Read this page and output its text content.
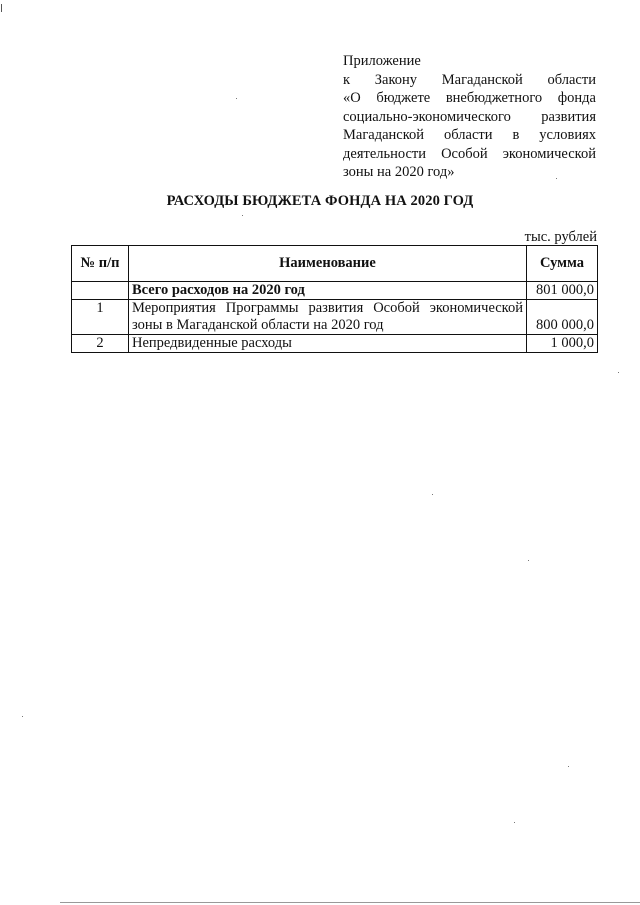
Приложение
к Закону Магаданской области
«О бюджете внебюджетного фонда
социально-экономического развития
Магаданской области в условиях
деятельности Особой экономической
зоны на 2020 год»
РАСХОДЫ БЮДЖЕТА ФОНДА НА 2020 ГОД
тыс. рублей
№ п/п	Наименование	Сумма
	Всего расходов на 2020 год	801 000,0
1	Мероприятия Программы развития Особой экономической зоны в Магаданской области на 2020 год	800 000,0
2	Непредвиденные расходы	1 000,0
